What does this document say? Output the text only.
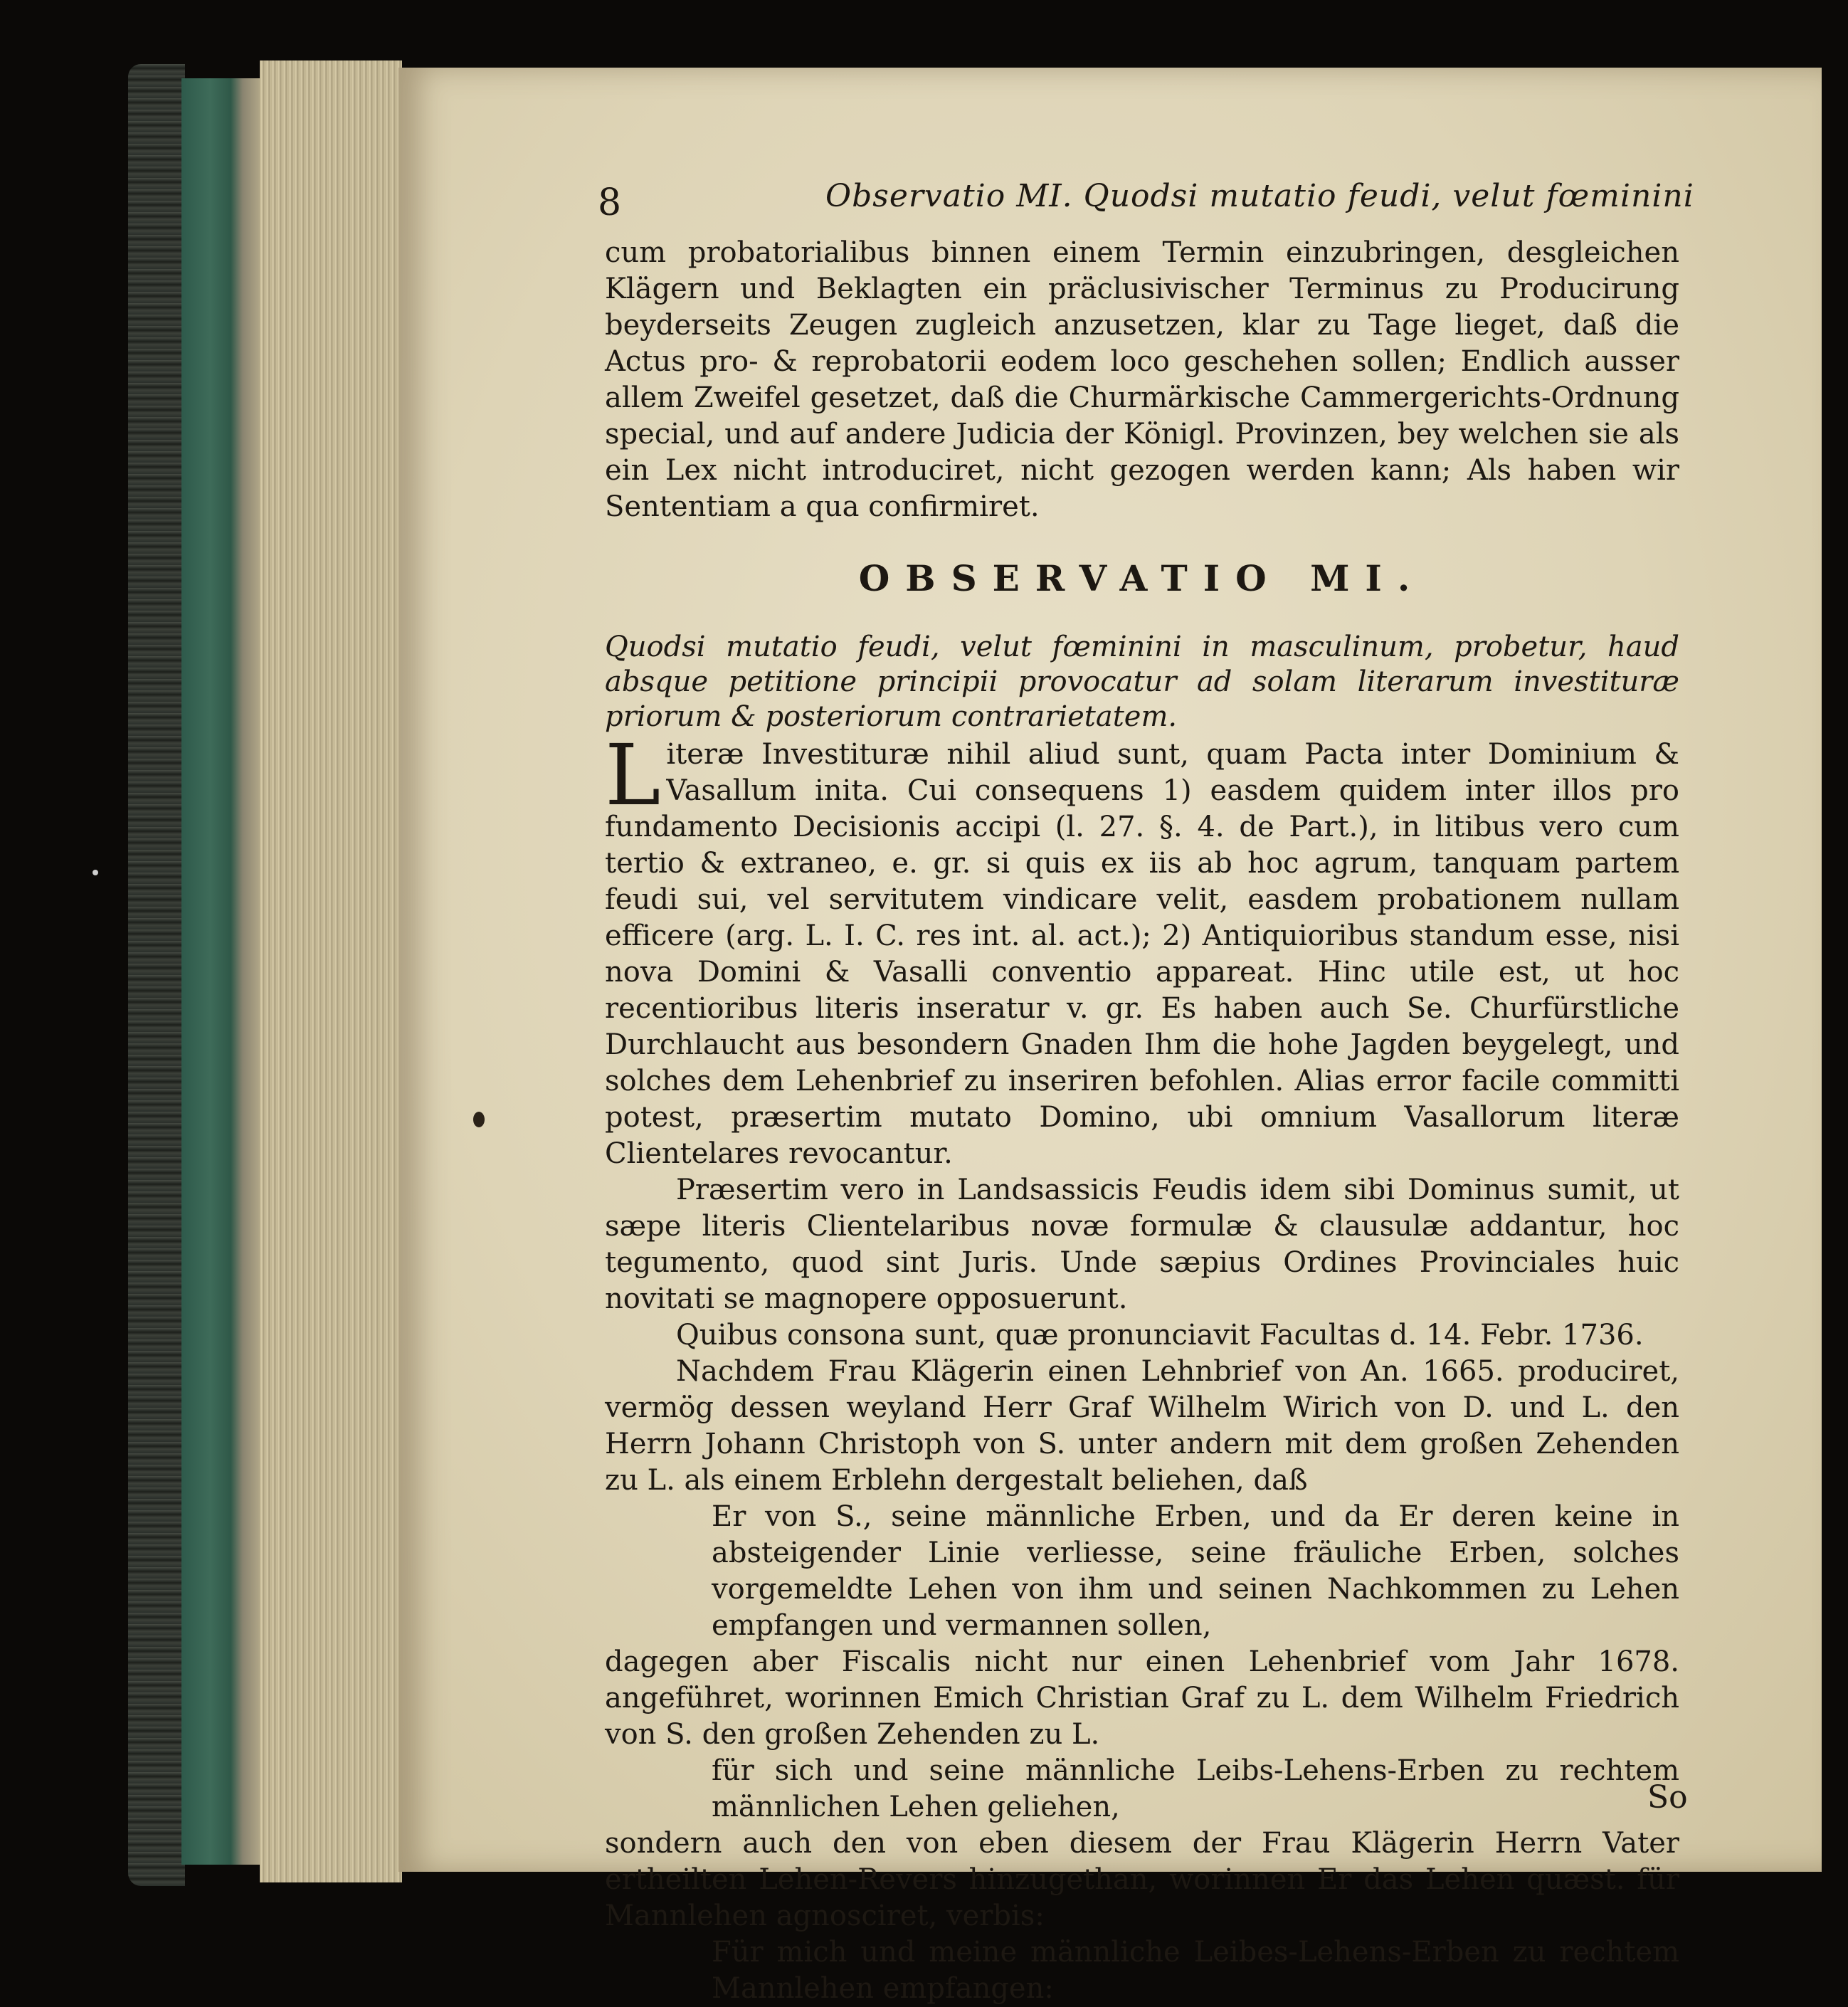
8	Observatio MI. Quodsi mutatio feudi, velut fœminini

cum probatorialibus binnen einem Termin einzubringen, desgleichen Klägern und Beklagten ein präclusivischer Terminus zu Producirung beyderseits Zeugen zugleich anzusetzen, klar zu Tage lieget, daß die Actus pro- & reprobatorii eodem loco geschehen sollen; Endlich ausser allem Zweifel gesetzet, daß die Churmärkische Cammergerichts-Ordnung special, und auf andere Judicia der Königl. Provinzen, bey welchen sie als ein Lex nicht introduciret, nicht gezogen werden kann; Als haben wir Sententiam a qua confirmiret.

OBSERVATIO MI.
Quodsi mutatio feudi, velut fœminini in masculinum, probetur, haud absque petitione principii provocatur ad solam literarum investituræ priorum & posteriorum contrarietatem.

Literæ Investituræ nihil aliud sunt, quam Pacta inter Dominium & Vasallum inita. Cui consequens 1) easdem quidem inter illos pro fundamento Decisionis accipi (l. 27. §. 4. de Part.), in litibus vero cum tertio & extraneo, e. gr. si quis ex iis ab hoc agrum, tanquam partem feudi sui, vel servitutem vindicare velit, easdem probationem nullam efficere (arg. L. I. C. res int. al. act.); 2) Antiquioribus standum esse, nisi nova Domini & Vasalli conventio appareat. Hinc utile est, ut hoc recentioribus literis inseratur v. gr. Es haben auch Se. Churfürstliche Durchlaucht aus besondern Gnaden Ihm die hohe Jagden beygelegt, und solches dem Lehenbrief zu inseriren befohlen. Alias error facile committi potest, præsertim mutato Domino, ubi omnium Vasallorum literæ Clientelares revocantur.

Præsertim vero in Landsassicis Feudis idem sibi Dominus sumit, ut sæpe literis Clientelaribus novæ formulæ & clausulæ addantur, hoc tegumento, quod sint Juris. Unde sæpius Ordines Provinciales huic novitati se magnopere opposuerunt.

Quibus consona sunt, quæ pronunciavit Facultas d. 14. Febr. 1736.

Nachdem Frau Klägerin einen Lehnbrief von An. 1665. produciret, vermög dessen weyland Herr Graf Wilhelm Wirich von D. und L. den Herrn Johann Christoph von S. unter andern mit dem großen Zehenden zu L. als einem Erblehn dergestalt beliehen, daß

Er von S., seine männliche Erben, und da Er deren keine in absteigender Linie verliesse, seine fräuliche Erben, solches vorgemeldte Lehen von ihm und seinen Nachkommen zu Lehen empfangen und vermannen sollen,

dagegen aber Fiscalis nicht nur einen Lehenbrief vom Jahr 1678. angeführet, worinnen Emich Christian Graf zu L. dem Wilhelm Friedrich von S. den großen Zehenden zu L.

für sich und seine männliche Leibs-Lehens-Erben zu rechtem männlichen Lehen geliehen,

sondern auch den von eben diesem der Frau Klägerin Herrn Vater ertheilten Lehen-Revers hinzugethan, worinnen Er das Lehen quæst. für Mannlehen agnosciret, verbis:

Für mich und meine männliche Leibes-Lehens-Erben zu rechtem Mannlehen empfangen:

So
